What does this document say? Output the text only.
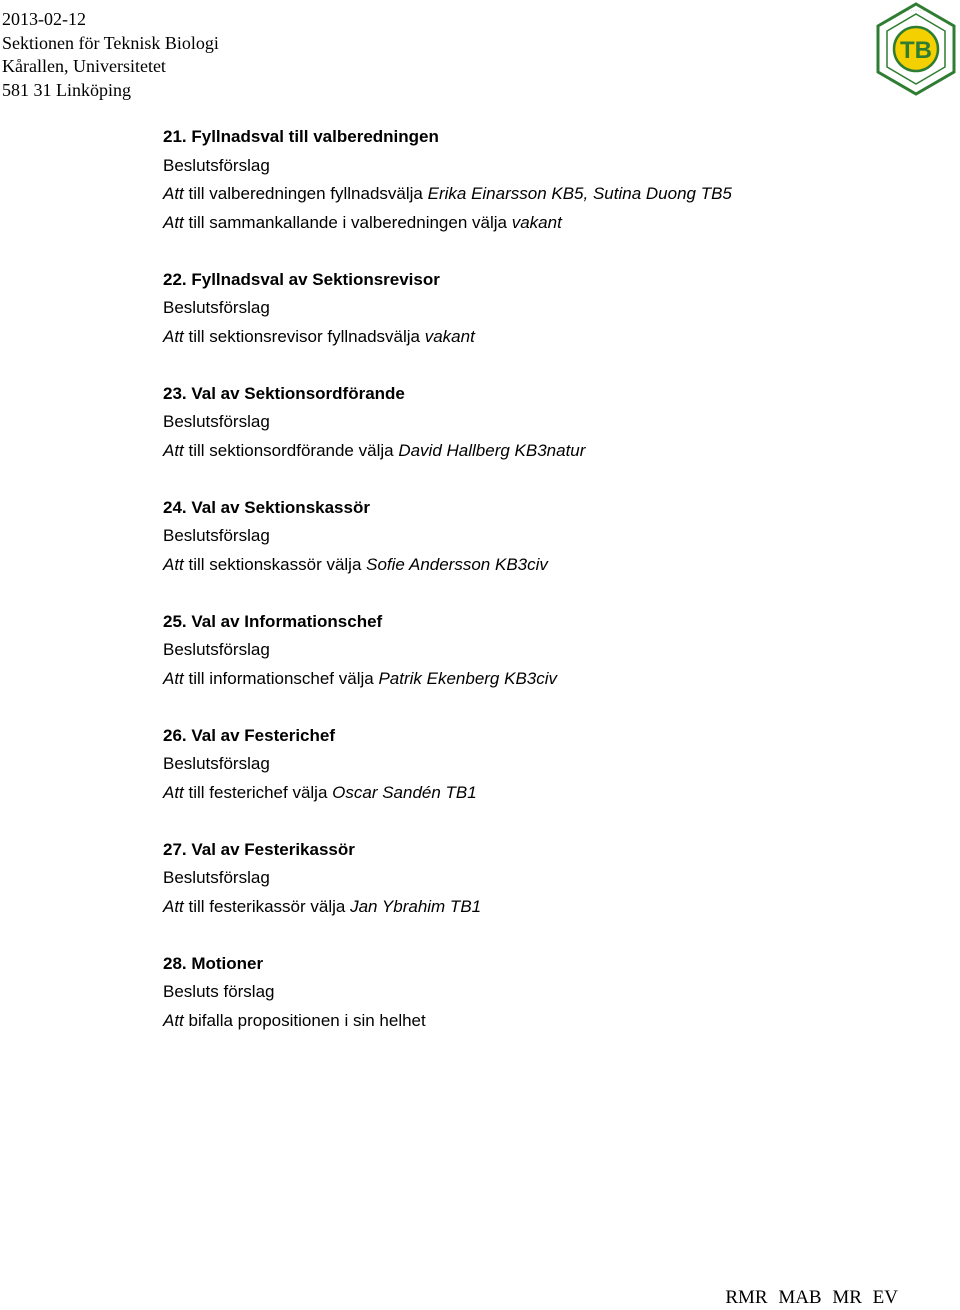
2013-02-12
Sektionen för Teknisk Biologi
Kårallen, Universitetet
581 31 Linköping
TB
· · · · · · ·
21. Fyllnadsval till valberedningen
Beslutsförslag
Att till valberedningen fyllnadsvälja Erika Einarsson KB5, Sutina Duong TB5
Att till sammankallande i valberedningen välja vakant
22. Fyllnadsval av Sektionsrevisor
Beslutsförslag
Att till sektionsrevisor fyllnadsvälja vakant
23. Val av Sektionsordförande
Beslutsförslag
Att till sektionsordförande välja David Hallberg KB3natur
24. Val av Sektionskassör
Beslutsförslag
Att till sektionskassör välja Sofie Andersson KB3civ
25. Val av Informationschef
Beslutsförslag
Att till informationschef välja Patrik Ekenberg KB3civ
26. Val av Festerichef
Beslutsförslag
Att till festerichef välja Oscar Sandén TB1
27. Val av Festerikassör
Beslutsförslag
Att till festerikassör välja Jan Ybrahim TB1
28. Motioner
Besluts förslag
Att bifalla propositionen i sin helhet
RMR MAB MR EV
